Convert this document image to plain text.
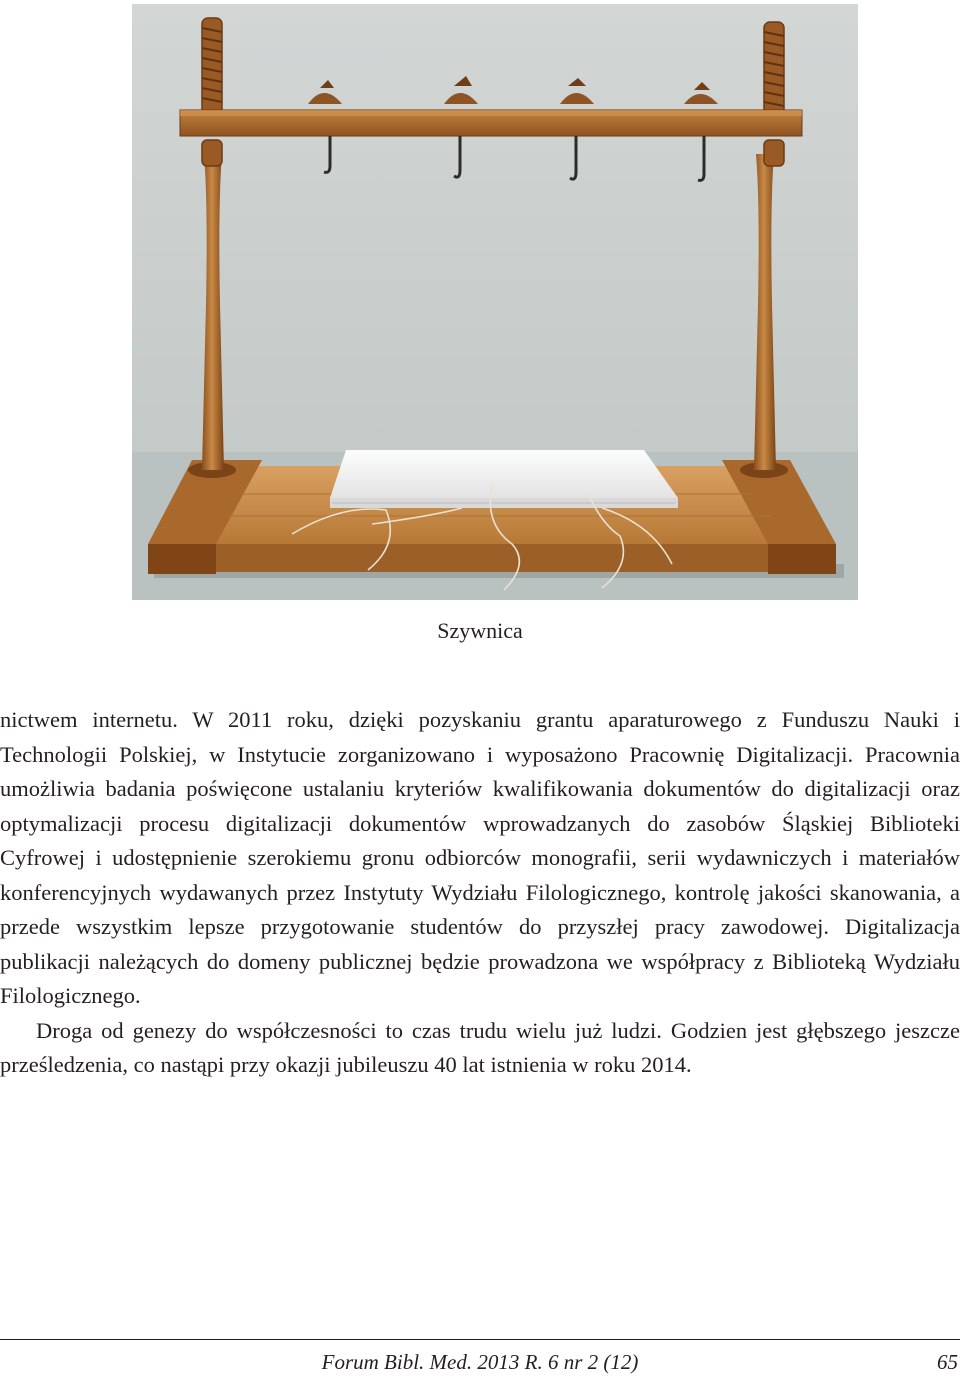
Szywnica

nictwem internetu. W 2011 roku, dzięki pozyskaniu grantu aparaturowego z Funduszu Nauki i Technologii Polskiej, w Instytucie zorganizowano i wyposażono Pracownię Digitalizacji. Pracownia umożliwia badania poświęcone ustalaniu kryteriów kwalifikowania dokumentów do digitalizacji oraz optymalizacji procesu digitalizacji dokumentów wprowadzanych do zasobów Śląskiej Biblioteki Cyfrowej i udostępnienie szerokiemu gronu odbiorców monografii, serii wydawniczych i materiałów konferencyjnych wydawanych przez Instytuty Wydziału Filologicznego, kontrolę jakości skanowania, a przede wszystkim lepsze przygotowanie studentów do przyszłej pracy zawodowej. Digitalizacja publikacji należących do domeny publicznej będzie prowadzona we współpracy z Biblioteką Wydziału Filologicznego.

Droga od genezy do współczesności to czas trudu wielu już ludzi. Godzien jest głębszego jeszcze prześledzenia, co nastąpi przy okazji jubileuszu 40 lat istnienia w roku 2014.

Forum Bibl. Med. 2013 R. 6 nr 2 (12)	65
